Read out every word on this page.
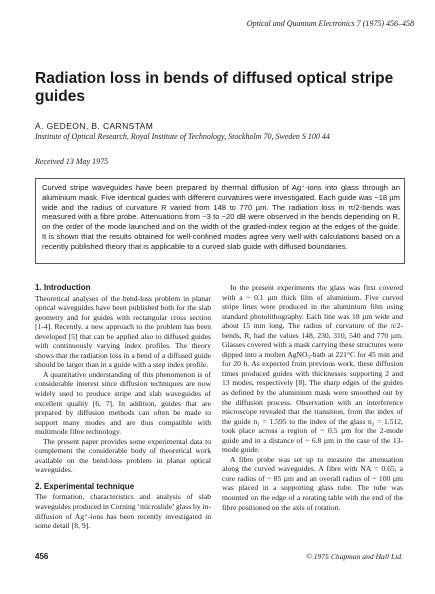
Optical and Quantum Electronics 7 (1975) 456–458
Radiation loss in bends of diffused optical stripe guides
A. GEDEON, B. CARNSTAM
Institute of Optical Research, Royal Institute of Technology, Stockholm 70, Sweden S 100 44
Received 13 May 1975
Curved stripe waveguides have been prepared by thermal diffusion of Ag⁺-ions into glass through an aluminium mask. Five identical guides with different curvatures were investigated. Each guide was ~18 µm wide and the radius of curvature R varied from 148 to 770 µm. The radiation loss in π/2-bends was measured with a fibre probe. Attenuations from ~3 to ~20 dB were observed in the bends depending on R, on the order of the mode launched and on the width of the graded-index region at the edges of the guide. It is shown that the results obtained for well-confined modes agree very well with calculations based on a recently published theory that is applicable to a curved slab guide with diffused boundaries.
1. Introduction

Theoretical analyses of the bend-loss problem in planar optical waveguides have been published both for the slab geometry and for guides with rectangular cross section [1-4]. Recently, a new approach to the problem has been developed [5] that can be applied also to diffused guides with continuously varying index profiles. The theory shows that the radiation loss in a bend of a diffused guide should be larger than in a guide with a step index profile.

A quantitative understanding of this phenomenon is of considerable interest since diffusion techniques are now widely used to produce stripe and slab waveguides of excellent quality [6, 7]. In addition, guides that are prepared by diffusion methods can often be made to support many modes and are thus compatible with multimode fibre technology.

The present paper provides some experimental data to complement the considerable body of theoretical work available on the bend-loss problem in planar optical waveguides.

2. Experimental technique

The formation, characteristics and analysis of slab waveguides produced in Corning ‘microslide’ glass by in-diffusion of Ag⁺-ions has been recently investigated in some detail [8, 9].

In the present experiments the glass was first covered with a ~ 0.1 µm thick film of aluminium. Five curved stripe lines were produced in the aluminium film using standard photolithography. Each line was 18 µm wide and about 15 mm long. The radius of curvature of the π/2-bends, R, had the values 148, 230, 310, 540 and 770 µm. Glasses covered with a mask carrying these structures were dipped into a molten AgNO₃-bath at 221°C for 45 min and for 20 h. As expected from previous work, these diffusion times produced guides with thicknesses supporting 2 and 13 modes, respectively [8]. The sharp edges of the guides as defined by the aluminium mask were smoothed out by the diffusion process. Observation with an interference microscope revealed that the transition, from the index of the guide n₁ = 1.595 to the index of the glass n₂ = 1.512, took place across a region of ~ 0.5 µm for the 2-mode guide and in a distance of ~ 6.8 µm in the case of the 13-mode guide.

A fibre probe was set up to measure the attenuation along the curved waveguides. A fibre with NA = 0.65, a core radius of ~ 85 µm and an overall radius of ~ 100 µm was placed in a supporting glass tube. The tube was mounted on the edge of a rotating table with the end of the fibre positioned on the axis of rotation.

456	© 1975 Chapman and Hall Ltd.
